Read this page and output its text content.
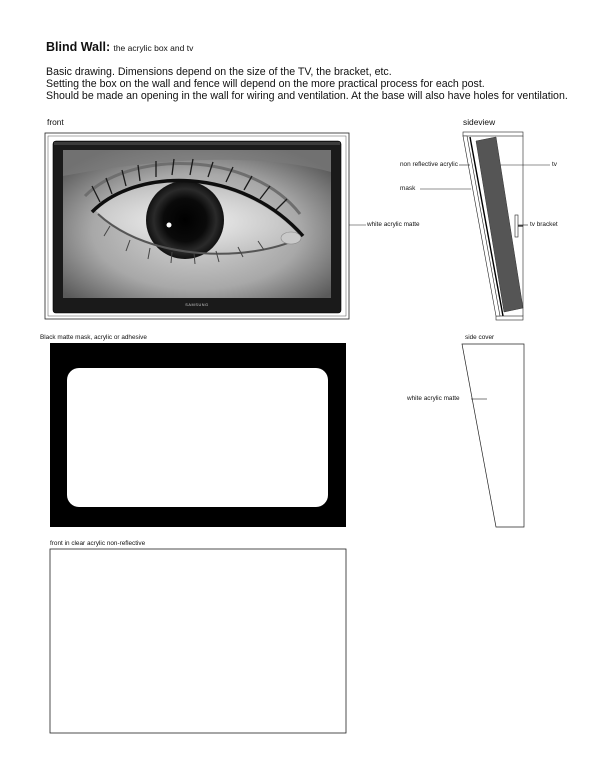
Blind Wall: the acrylic box and tv
Basic drawing. Dimensions depend on the size of the TV, the bracket, etc.
Setting the box on the wall and fence will depend on the more practical process for each post.
Should be made an opening in the wall for wiring and ventilation. At the base will also have holes for ventilation.
front
SAMSUNG
white acrylic matte
sideview
non reflective acrylic
mask
tv
tv bracket
Black matte mask, acrylic or adhesive	side cover
white acrylic matte
front in clear acrylic non-reflective
